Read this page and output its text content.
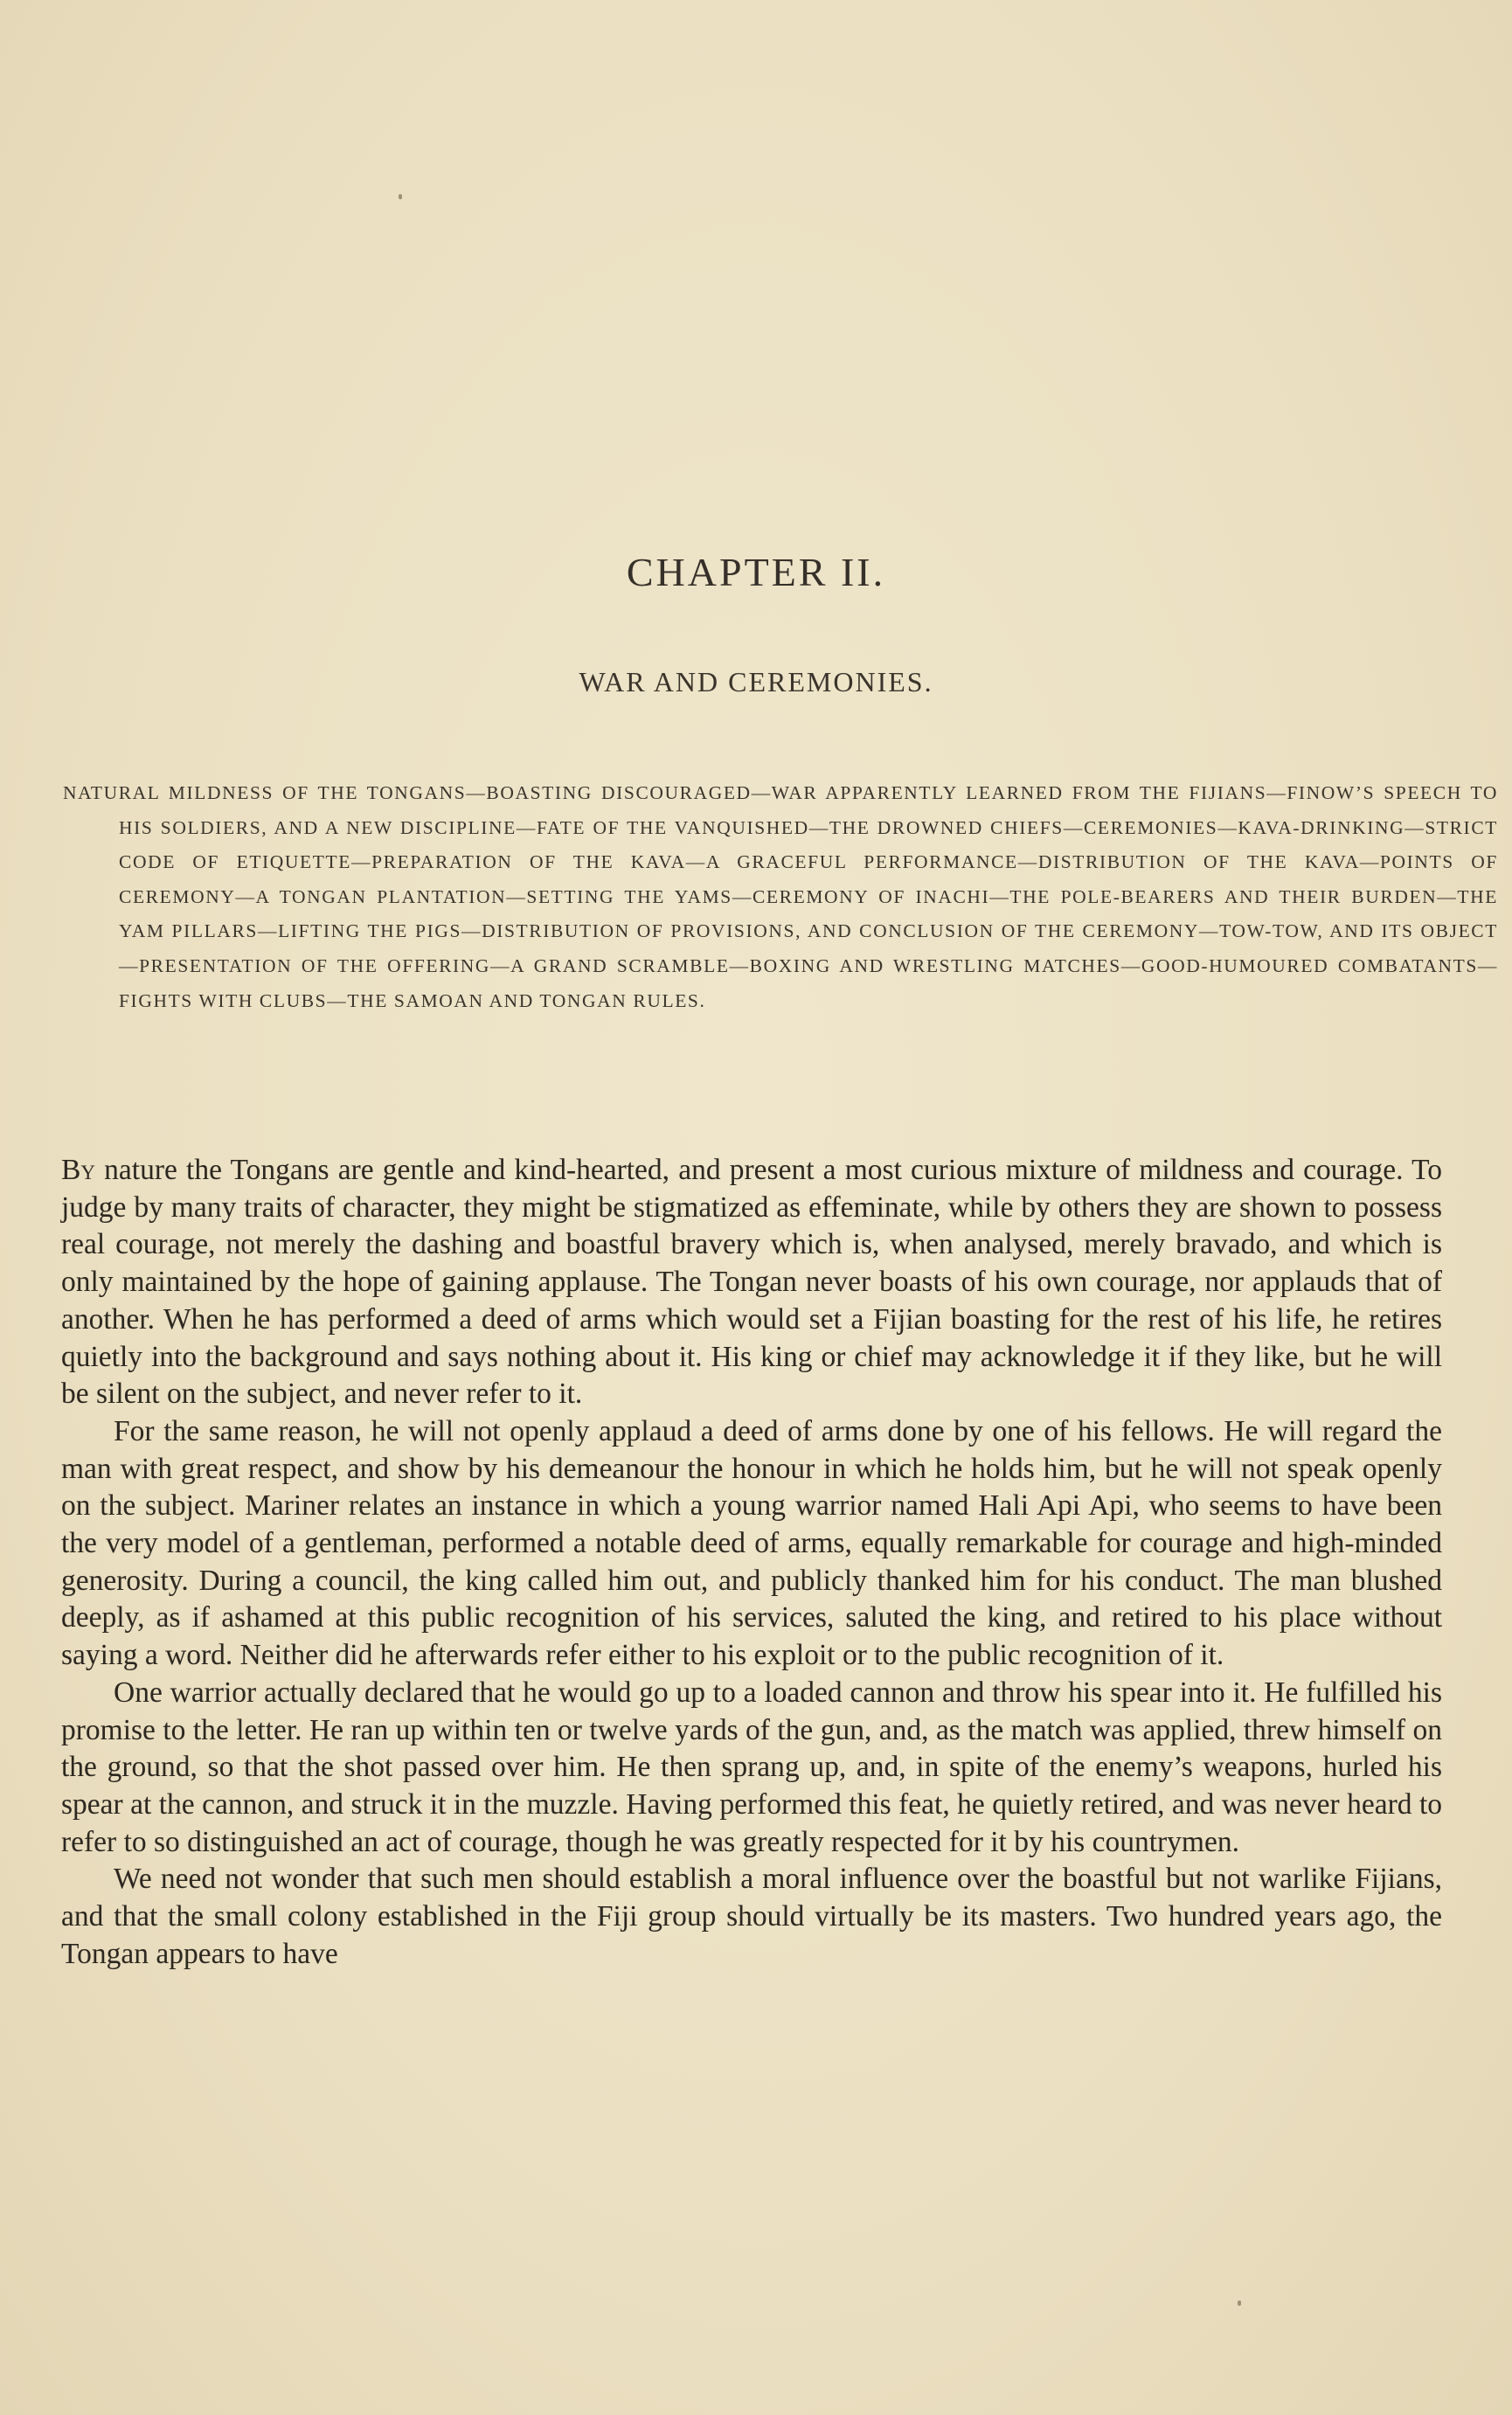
CHAPTER II.
WAR AND CEREMONIES.
NATURAL MILDNESS OF THE TONGANS—BOASTING DISCOURAGED—WAR APPARENTLY LEARNED FROM THE FIJIANS—FINOW’S SPEECH TO HIS SOLDIERS, AND A NEW DISCIPLINE—FATE OF THE VANQUISHED—THE DROWNED CHIEFS—CEREMONIES—KAVA-DRINKING—STRICT CODE OF ETIQUETTE—PREPARATION OF THE KAVA—A GRACEFUL PERFORMANCE—DISTRIBUTION OF THE KAVA—POINTS OF CEREMONY—A TONGAN PLANTATION—SETTING THE YAMS—CEREMONY OF INACHI—THE POLE-BEARERS AND THEIR BURDEN—THE YAM PILLARS—LIFTING THE PIGS—DISTRIBUTION OF PROVISIONS, AND CONCLUSION OF THE CEREMONY—TOW-TOW, AND ITS OBJECT—PRESENTATION OF THE OFFERING—A GRAND SCRAMBLE—BOXING AND WRESTLING MATCHES—GOOD-HUMOURED COMBATANTS—FIGHTS WITH CLUBS—THE SAMOAN AND TONGAN RULES.

By nature the Tongans are gentle and kind-hearted, and present a most curious mixture of mildness and courage. To judge by many traits of character, they might be stigmatized as effeminate, while by others they are shown to possess real courage, not merely the dashing and boastful bravery which is, when analysed, merely bravado, and which is only maintained by the hope of gaining applause. The Tongan never boasts of his own courage, nor applauds that of another. When he has performed a deed of arms which would set a Fijian boasting for the rest of his life, he retires quietly into the background and says nothing about it. His king or chief may acknowledge it if they like, but he will be silent on the subject, and never refer to it.

For the same reason, he will not openly applaud a deed of arms done by one of his fellows. He will regard the man with great respect, and show by his demeanour the honour in which he holds him, but he will not speak openly on the subject. Mariner relates an instance in which a young warrior named Hali Api Api, who seems to have been the very model of a gentleman, performed a notable deed of arms, equally remarkable for courage and high-minded generosity. During a council, the king called him out, and publicly thanked him for his conduct. The man blushed deeply, as if ashamed at this public recognition of his services, saluted the king, and retired to his place without saying a word. Neither did he afterwards refer either to his exploit or to the public recognition of it.

One warrior actually declared that he would go up to a loaded cannon and throw his spear into it. He fulfilled his promise to the letter. He ran up within ten or twelve yards of the gun, and, as the match was applied, threw himself on the ground, so that the shot passed over him. He then sprang up, and, in spite of the enemy’s weapons, hurled his spear at the cannon, and struck it in the muzzle. Having performed this feat, he quietly retired, and was never heard to refer to so distinguished an act of courage, though he was greatly respected for it by his countrymen.

We need not wonder that such men should establish a moral influence over the boastful but not warlike Fijians, and that the small colony established in the Fiji group should virtually be its masters. Two hundred years ago, the Tongan appears to have
